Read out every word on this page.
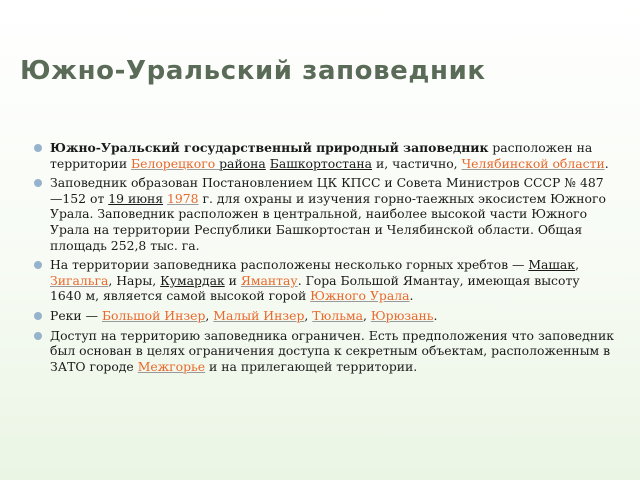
Южно-Уральский заповедник
Южно-Уральский государственный природный заповедник расположен на территории Белорецкого района Башкортостана и, частично, Челябинской области.
Заповедник образован Постановлением ЦК КПСС и Совета Министров СССР № 487—152 от 19 июня 1978 г. для охраны и изучения горно-таежных экосистем Южного Урала. Заповедник расположен в центральной, наиболее высокой части Южного Урала на территории Республики Башкортостан и Челябинской области. Общая площадь 252,8 тыс. га.
На территории заповедника расположены несколько горных хребтов — Машак, Зигальга, Нары, Кумардак и Ямантау. Гора Большой Ямантау, имеющая высоту 1640 м, является самой высокой горой Южного Урала.
Реки — Большой Инзер, Малый Инзер, Тюльма, Юрюзань.
Доступ на территорию заповедника ограничен. Есть предположения что заповедник был основан в целях ограничения доступа к секретным объектам, расположенным в ЗАТО городе Межгорье и на прилегающей территории.
